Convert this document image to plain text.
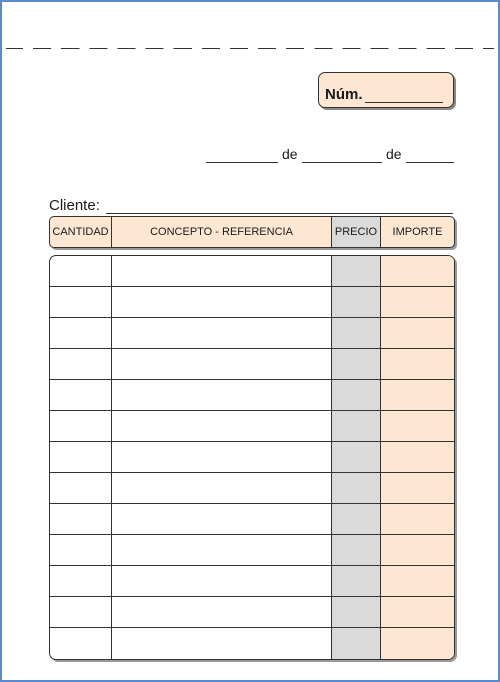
Núm.
de	de
Cliente:
CANTIDAD	CONCEPTO - REFERENCIA	PRECIO	IMPORTE
